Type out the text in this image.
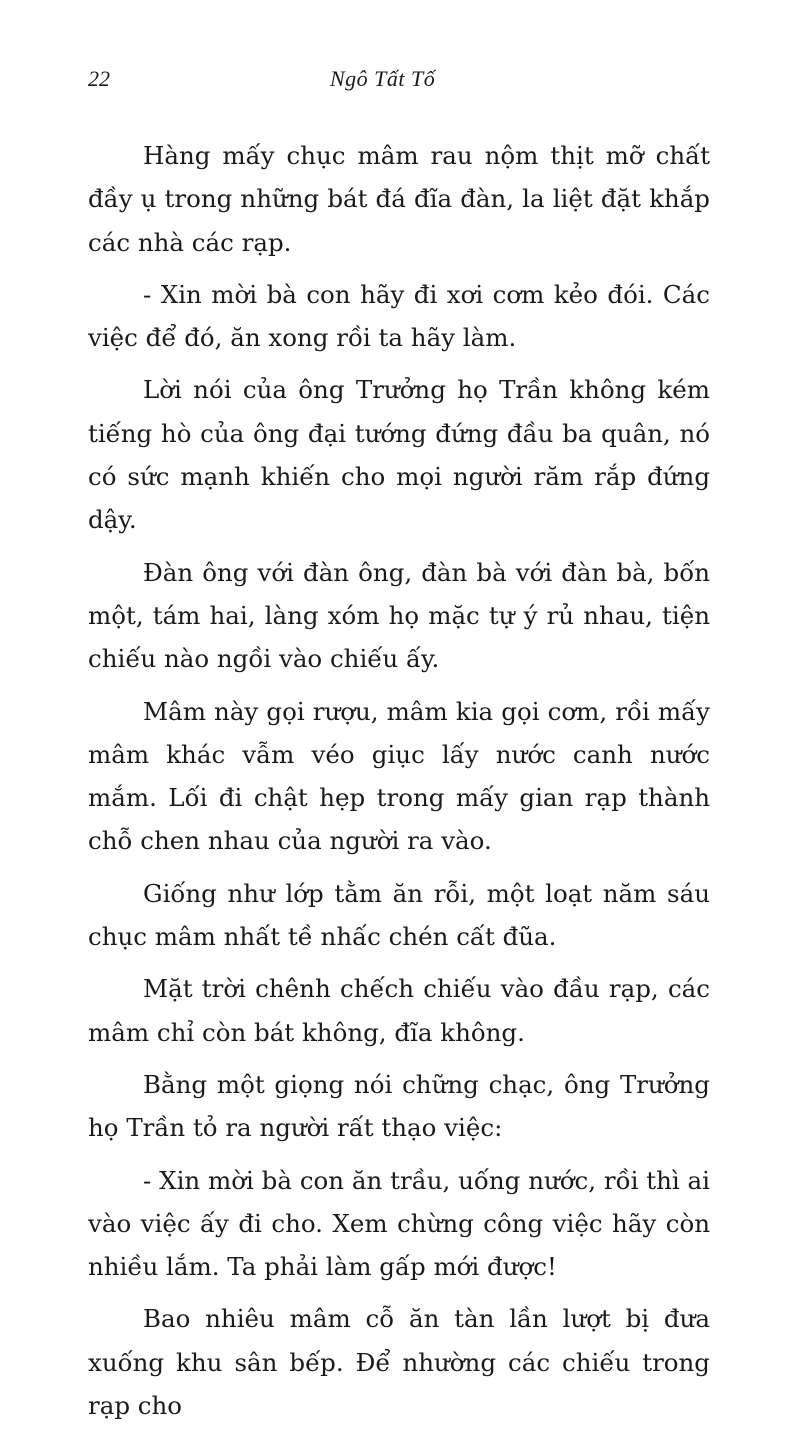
22	Ngô Tất Tố

Hàng mấy chục mâm rau nộm thịt mỡ chất đầy ụ trong những bát đá đĩa đàn, la liệt đặt khắp các nhà các rạp.

- Xin mời bà con hãy đi xơi cơm kẻo đói. Các việc để đó, ăn xong rồi ta hãy làm.

Lời nói của ông Trưởng họ Trần không kém tiếng hò của ông đại tướng đứng đầu ba quân, nó có sức mạnh khiến cho mọi người răm rắp đứng dậy.

Đàn ông với đàn ông, đàn bà với đàn bà, bốn một, tám hai, làng xóm họ mặc tự ý rủ nhau, tiện chiếu nào ngồi vào chiếu ấy.

Mâm này gọi rượu, mâm kia gọi cơm, rồi mấy mâm khác vẫm véo giục lấy nước canh nước mắm. Lối đi chật hẹp trong mấy gian rạp thành chỗ chen nhau của người ra vào.

Giống như lớp tằm ăn rỗi, một loạt năm sáu chục mâm nhất tề nhấc chén cất đũa.

Mặt trời chênh chếch chiếu vào đầu rạp, các mâm chỉ còn bát không, đĩa không.

Bằng một giọng nói chững chạc, ông Trưởng họ Trần tỏ ra người rất thạo việc:

- Xin mời bà con ăn trầu, uống nước, rồi thì ai vào việc ấy đi cho. Xem chừng công việc hãy còn nhiều lắm. Ta phải làm gấp mới được!

Bao nhiêu mâm cỗ ăn tàn lần lượt bị đưa xuống khu sân bếp. Để nhường các chiếu trong rạp cho
